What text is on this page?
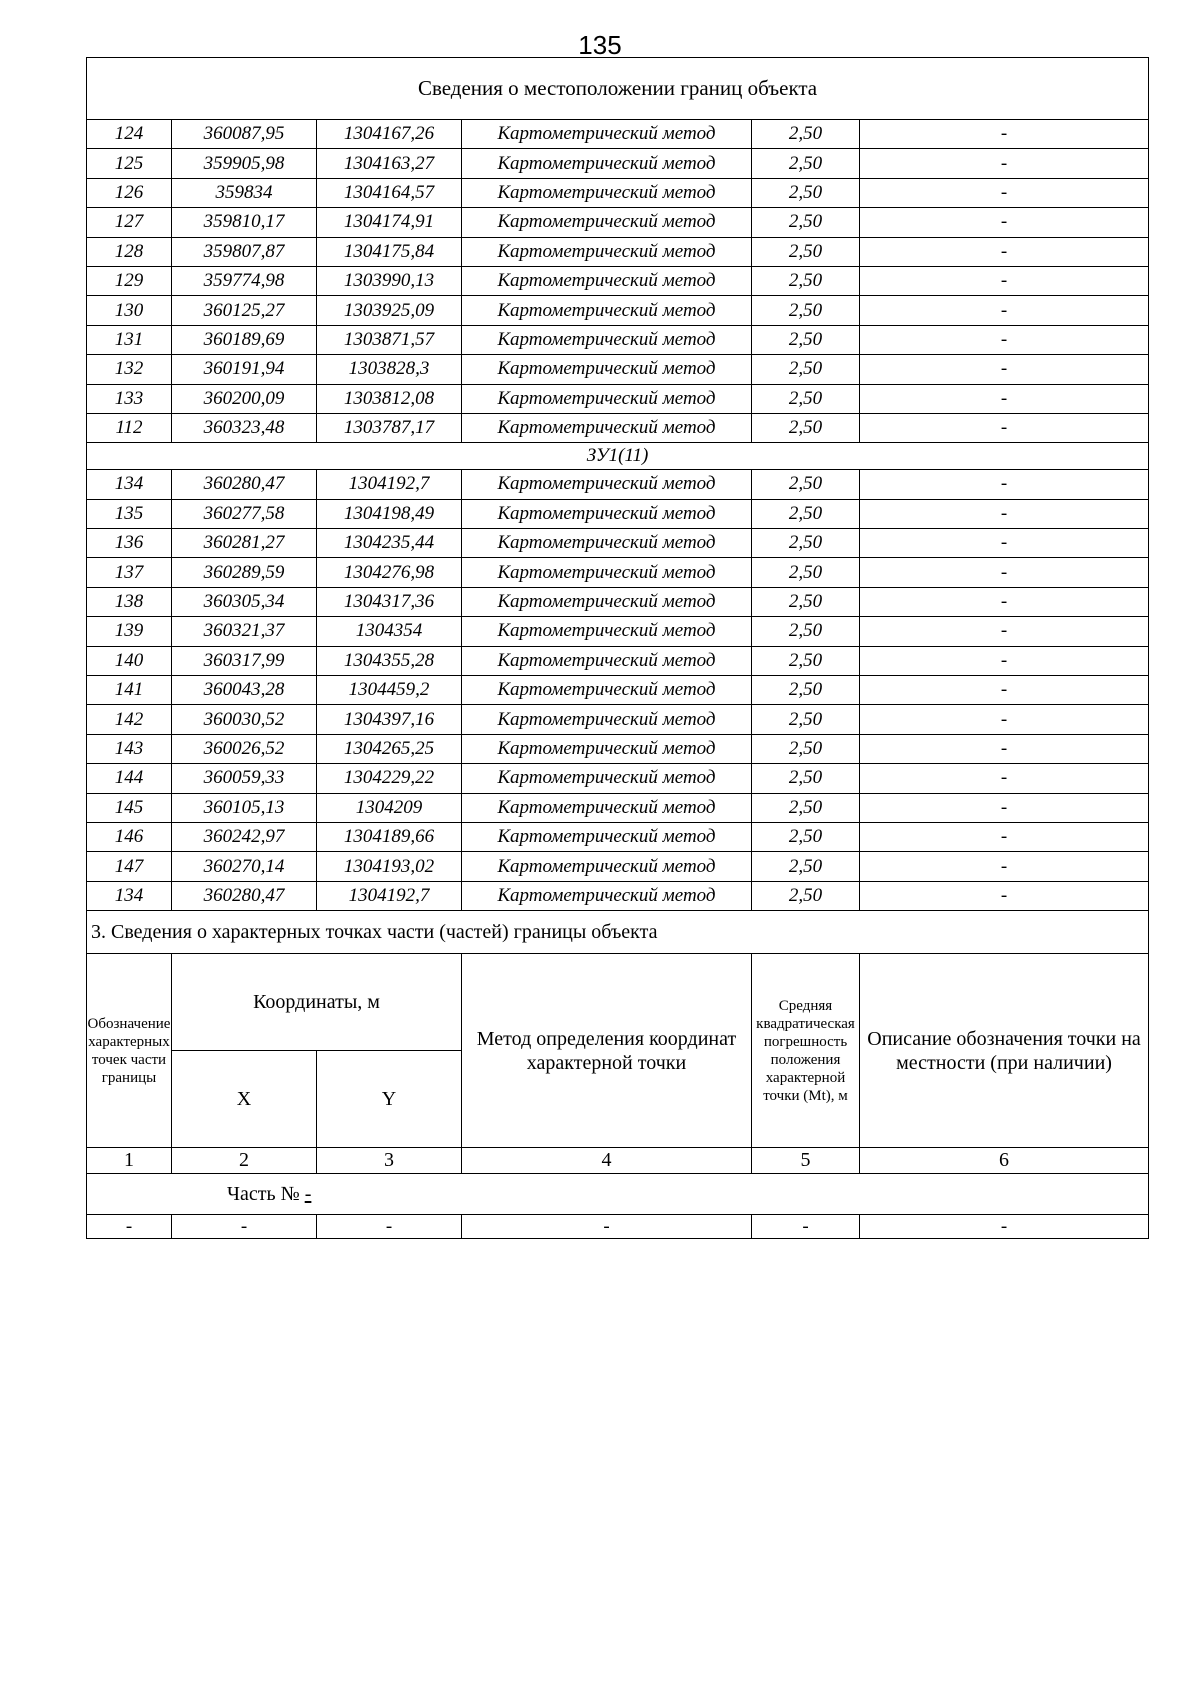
135
Сведения о местоположении границ объекта					
124	360087,95	1304167,26	Картометрический метод	2,50	-
125	359905,98	1304163,27	Картометрический метод	2,50	-
126	359834	1304164,57	Картометрический метод	2,50	-
127	359810,17	1304174,91	Картометрический метод	2,50	-
128	359807,87	1304175,84	Картометрический метод	2,50	-
129	359774,98	1303990,13	Картометрический метод	2,50	-
130	360125,27	1303925,09	Картометрический метод	2,50	-
131	360189,69	1303871,57	Картометрический метод	2,50	-
132	360191,94	1303828,3	Картометрический метод	2,50	-
133	360200,09	1303812,08	Картометрический метод	2,50	-
112	360323,48	1303787,17	Картометрический метод	2,50	-
ЗУ1(11)					
134	360280,47	1304192,7	Картометрический метод	2,50	-
135	360277,58	1304198,49	Картометрический метод	2,50	-
136	360281,27	1304235,44	Картометрический метод	2,50	-
137	360289,59	1304276,98	Картометрический метод	2,50	-
138	360305,34	1304317,36	Картометрический метод	2,50	-
139	360321,37	1304354	Картометрический метод	2,50	-
140	360317,99	1304355,28	Картометрический метод	2,50	-
141	360043,28	1304459,2	Картометрический метод	2,50	-
142	360030,52	1304397,16	Картометрический метод	2,50	-
143	360026,52	1304265,25	Картометрический метод	2,50	-
144	360059,33	1304229,22	Картометрический метод	2,50	-
145	360105,13	1304209	Картометрический метод	2,50	-
146	360242,97	1304189,66	Картометрический метод	2,50	-
147	360270,14	1304193,02	Картометрический метод	2,50	-
134	360280,47	1304192,7	Картометрический метод	2,50	-
3. Сведения о характерных точках части (частей) границы объекта					
Обозначение характерных точек части границы	Координаты, м		Метод определения координат характерной точки	Средняя квадратическая погрешность положения характерной точки (Mt), м	Описание обозначения точки на местности (при наличии)
	X	Y			
1	2	3	4	5	6
Часть № -					
-	-	-	-	-	-
